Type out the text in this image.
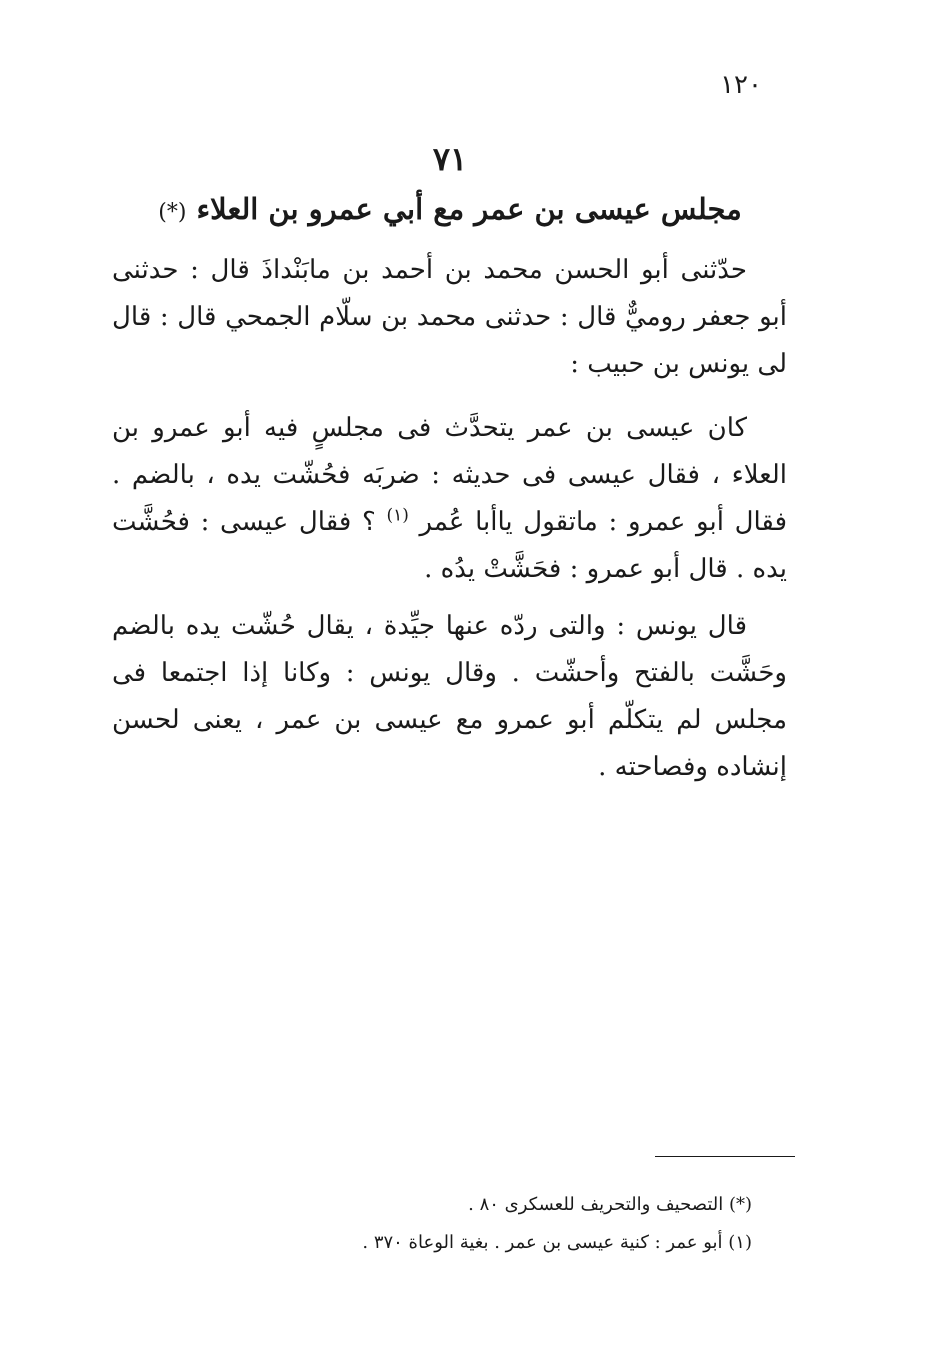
١٢٠
٧١
مجلس عيسى بن عمر مع أبي عمرو بن العلاء (*)
حدّثنى أبو الحسن محمد بن أحمد بن مابَنْداذَ قال : حدثنى أبو جعفر روميٌّ قال : حدثنى محمد بن سلّام الجمحي قال : قال لى يونس بن حبيب :
كان عيسى بن عمر يتحدَّث فى مجلسٍ فيه أبو عمرو بن العلاء ، فقال عيسى فى حديثه : ضربَه فحُشّت يده ، بالضم . فقال أبو عمرو : ماتقول ياأبا عُمر $^{(١)}$ ؟ فقال عيسى : فحُشَّت يده . قال أبو عمرو : فحَشَّتْ يدُه .
قال يونس : والتى ردّه عنها جيِّدة ، يقال حُشّت يده بالضم وحَشَّت بالفتح وأحشّت . وقال يونس : وكانا إذا اجتمعا فى مجلس لم يتكلّم أبو عمرو مع عيسى بن عمر ، يعنى لحسن إنشاده وفصاحته .
(*) التصحيف والتحريف للعسكرى ٨٠ .
(١) أبو عمر : كنية عيسى بن عمر . بغية الوعاة ٣٧٠ .
